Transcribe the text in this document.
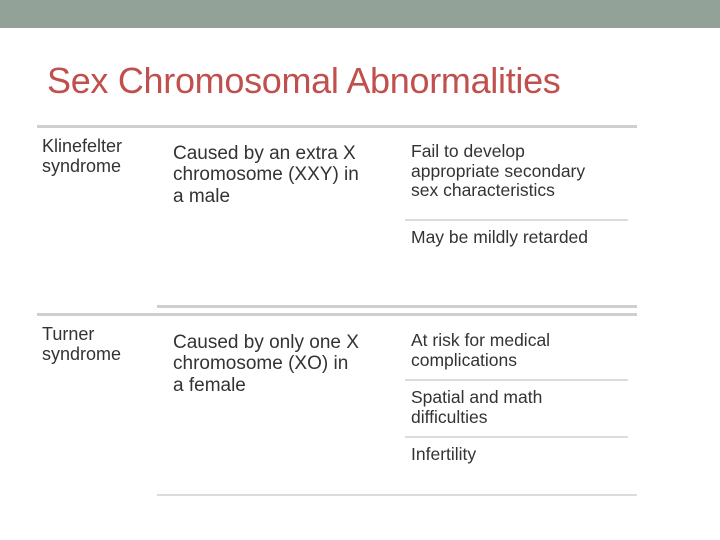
Sex Chromosomal Abnormalities
Klinefelter
syndrome
Caused by an extra X
chromosome (XXY) in
a male
Fail to develop
appropriate secondary
sex characteristics
May be mildly retarded
Turner
syndrome
Caused by only one X
chromosome (XO) in
a female
At risk for medical
complications
Spatial and math
difficulties
Infertility
